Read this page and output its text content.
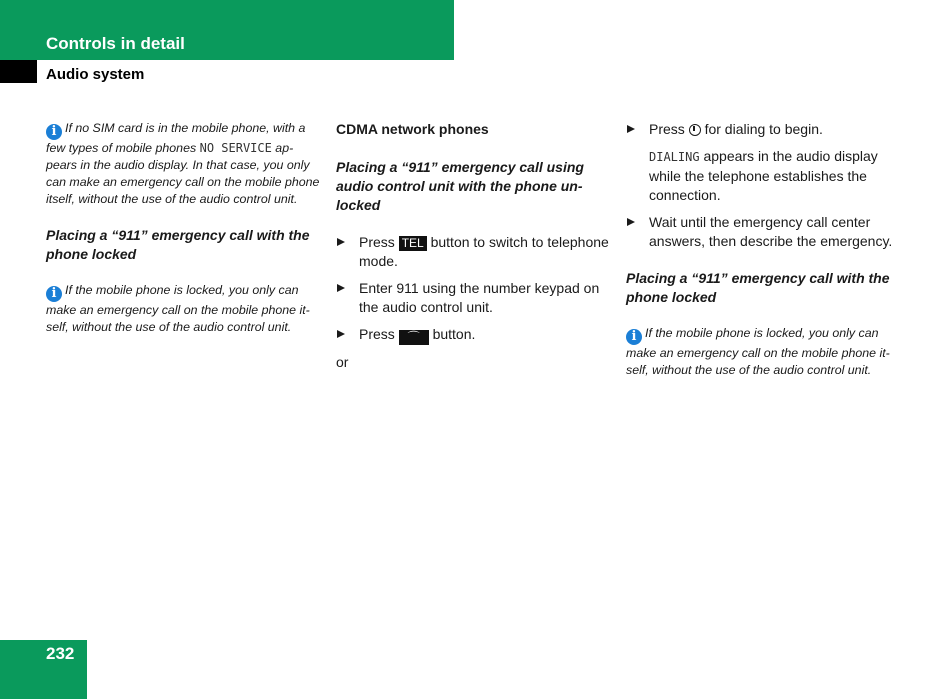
Controls in detail
Audio system

i If no SIM card is in the mobile phone, with a few types of mobile phones NO SERVICE appears in the audio display. In that case, you only can make an emergency call on the mobile phone itself, without the use of the audio control unit.

Placing a “911” emergency call with the phone locked

i If the mobile phone is locked, you only can make an emergency call on the mobile phone itself, without the use of the audio control unit.

CDMA network phones

Placing a “911” emergency call using audio control unit with the phone unlocked

Press TEL button to switch to telephone mode.
Enter 911 using the number keypad on the audio control unit.
Press ⌒ button.

or

Press  for dialing to begin.

DIALING appears in the audio display while the telephone establishes the connection.

Wait until the emergency call center answers, then describe the emergency.

Placing a “911” emergency call with the phone locked

i If the mobile phone is locked, you only can make an emergency call on the mobile phone itself, without the use of the audio control unit.

232
